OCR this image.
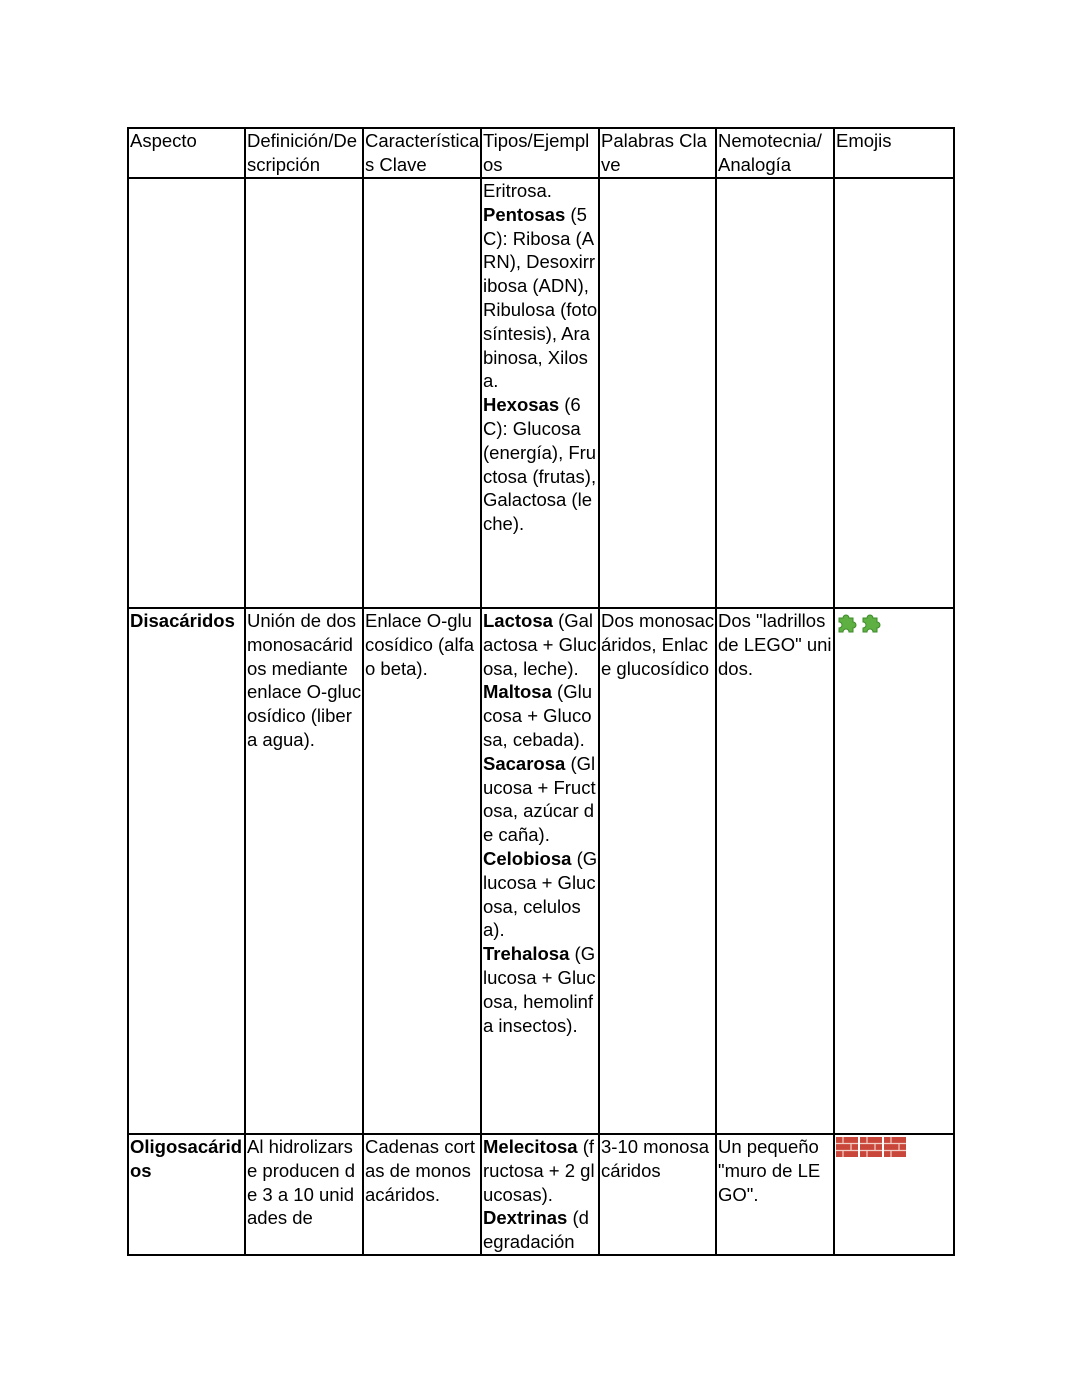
Aspecto	Definición/Descripción	Características Clave	Tipos/Ejemplos	Palabras Clave	Nemotecnia/ Analogía	Emojis

			Eritrosa.
Pentosas (5C): Ribosa (ARN), Desoxirribosa (ADN), Ribulosa (fotosíntesis), Arabinosa, Xilosa.
Hexosas (6C): Glucosa (energía), Fructosa (frutas), Galactosa (leche).			

Disacáridos	Unión de dos monosacáridos mediante enlace O-glucosídico (libera agua).	Enlace O-glucosídico (alfa o beta).	Lactosa (Galactosa + Glucosa, leche).
Maltosa (Glucosa + Glucosa, cebada).
Sacarosa (Glucosa + Fructosa, azúcar de caña).
Celobiosa (Glucosa + Glucosa, celulosa).
Trehalosa (Glucosa + Glucosa, hemolinfa insectos).	Dos monosacáridos, Enlace glucosídico	Dos "ladrillos de LEGO" unidos.	

Oligosacáridos	Al hidrolizarse producen de 3 a 10 unidades de	Cadenas cortas de monosacáridos.	Melecitosa (fructosa + 2 glucosas).
Dextrinas (degradación	3-10 monosacáridos	Un pequeño "muro de LEGO".	
